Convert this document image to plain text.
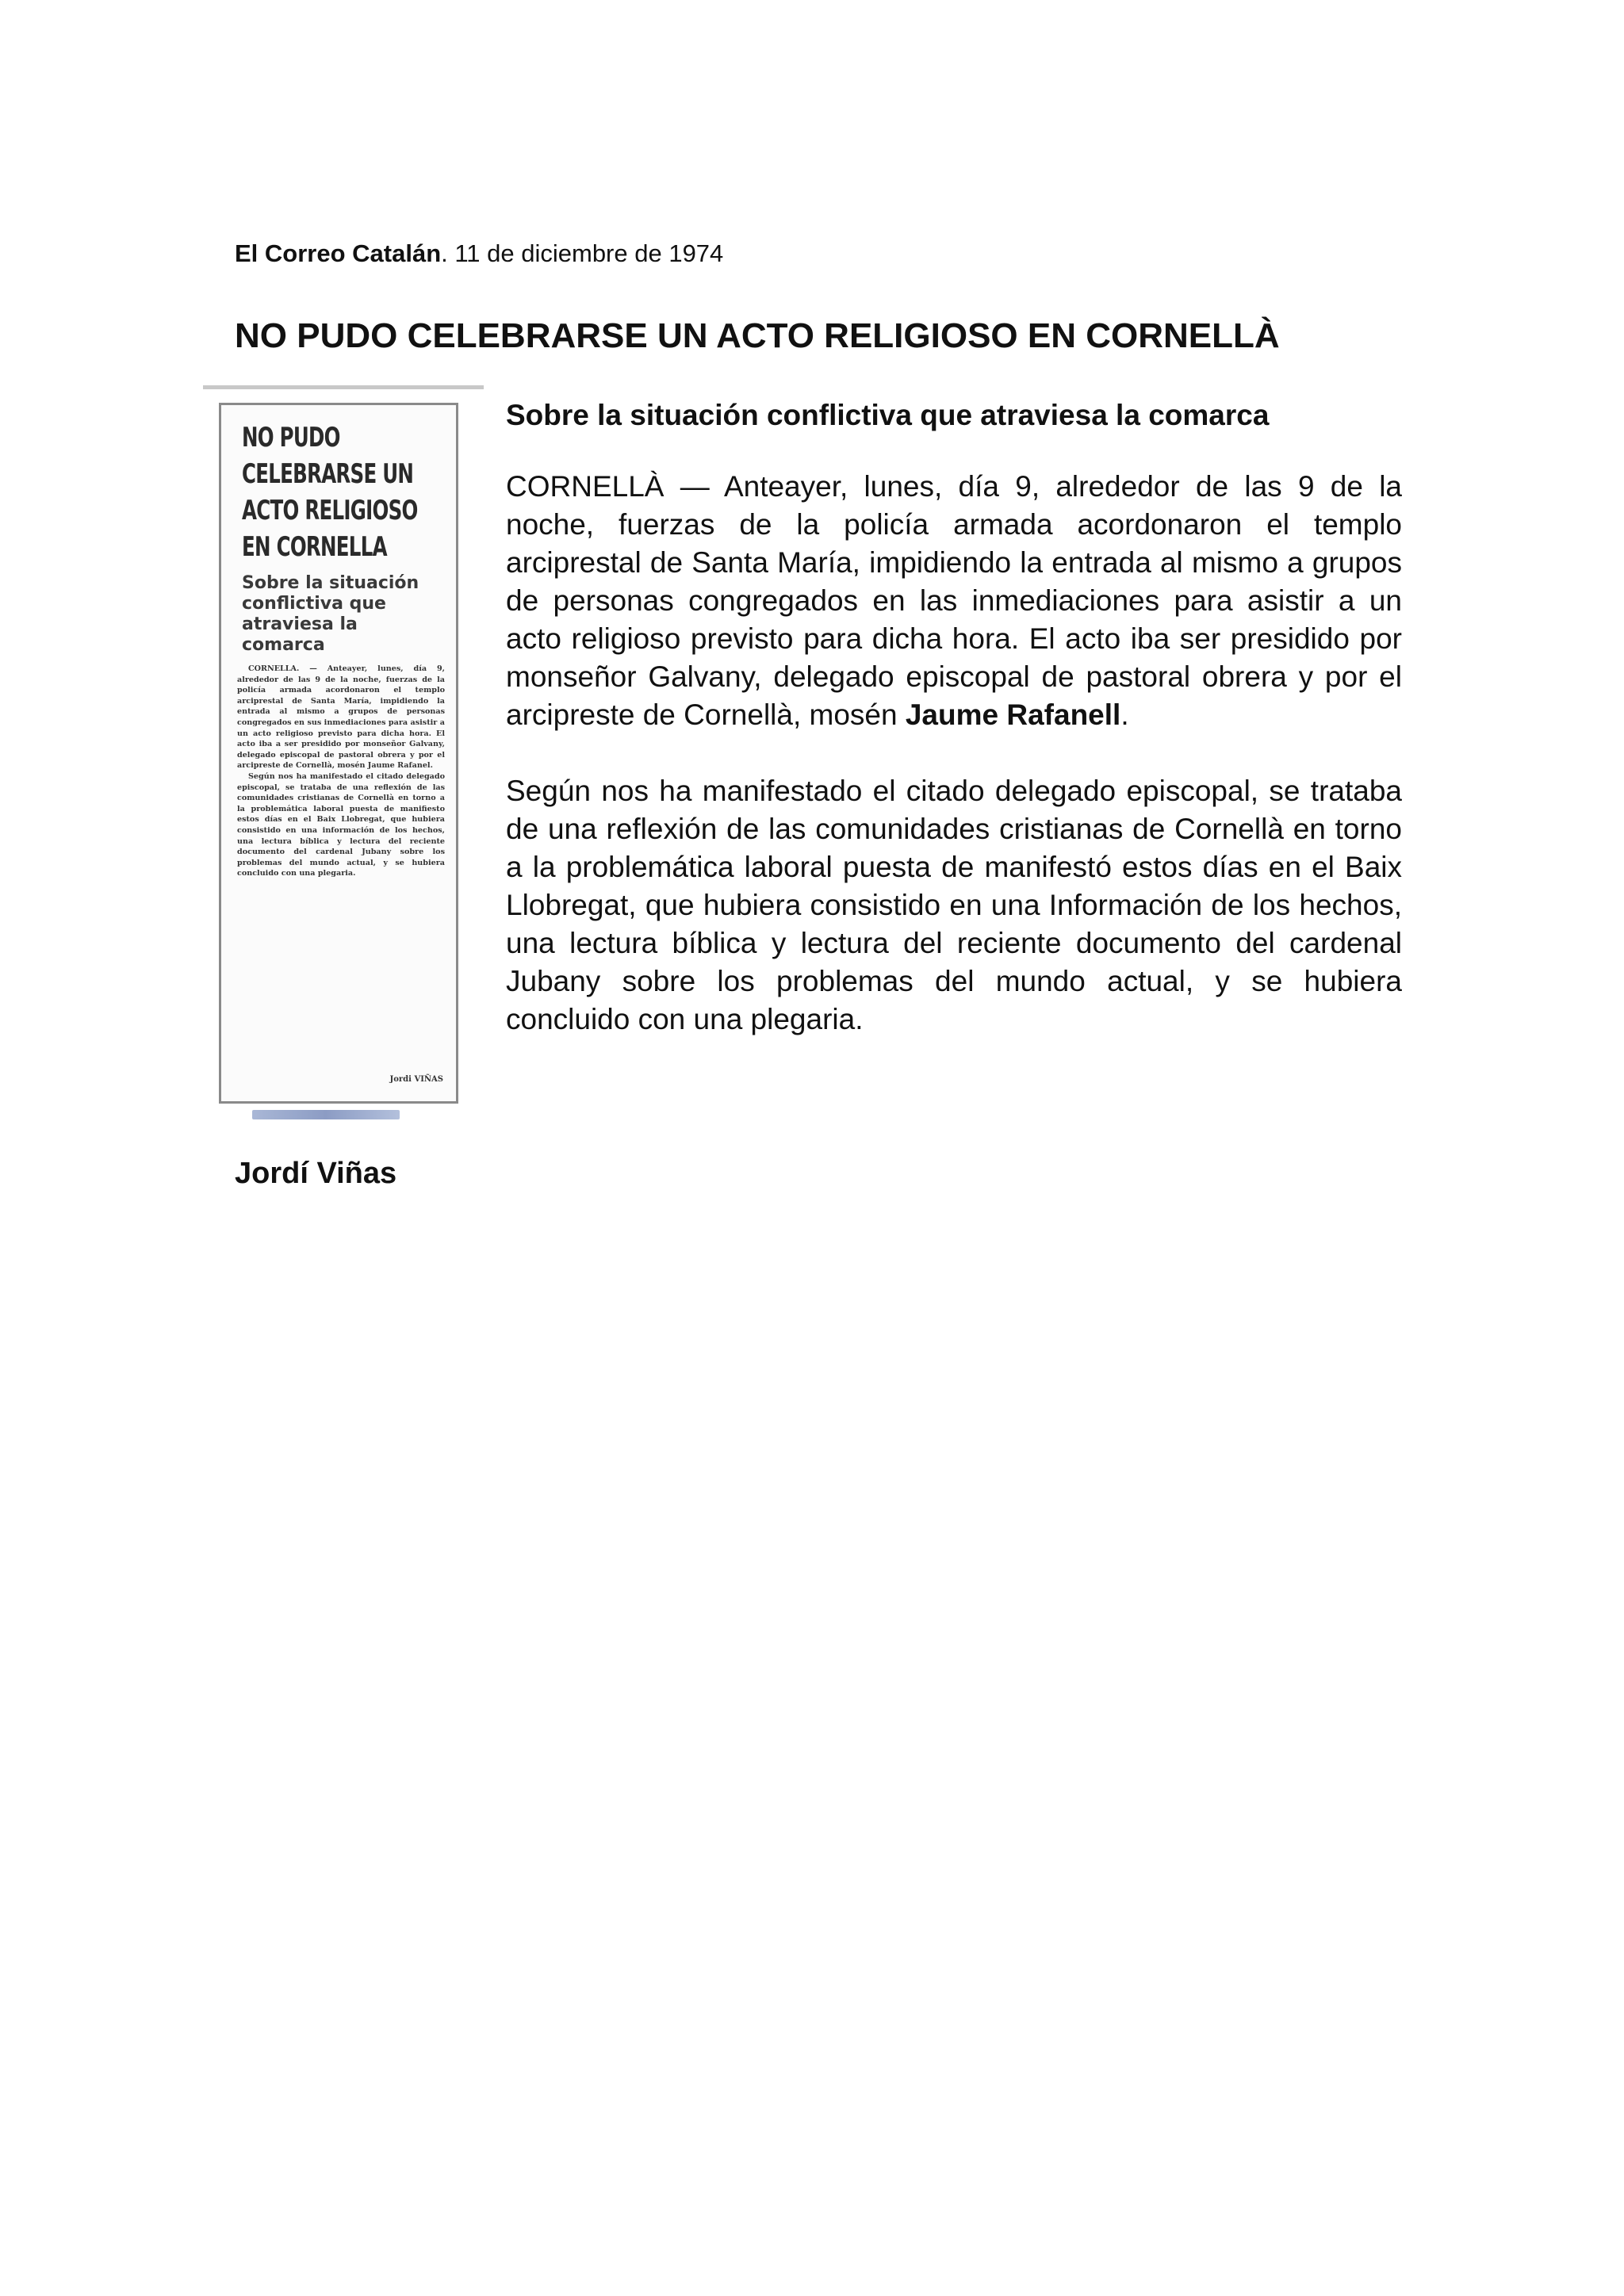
El Correo Catalán. 11 de diciembre de 1974
NO PUDO CELEBRARSE UN ACTO RELIGIOSO EN CORNELLÀ
NO PUDO CELEBRARSE UN ACTO RELIGIOSO EN CORNELLA
Sobre la situación conflictiva que atraviesa la comarca

CORNELLA. — Anteayer, lunes, día 9, alrededor de las 9 de la noche, fuerzas de la policía armada acordonaron el templo arciprestal de Santa María, impidiendo la entrada al mismo a grupos de personas congregados en sus inmediaciones para asistir a un acto religioso previsto para dicha hora. El acto iba a ser presidido por monseñor Galvany, delegado episcopal de pastoral obrera y por el arcipreste de Cornellà, mosén Jaume Rafanel.

Según nos ha manifestado el citado delegado episcopal, se trataba de una reflexión de las comunidades cristianas de Cornellà en torno a la problemática laboral puesta de manifiesto estos días en el Baix Llobregat, que hubiera consistido en una información de los hechos, una lectura bíblica y lectura del reciente documento del cardenal Jubany sobre los problemas del mundo actual, y se hubiera concluido con una plegaria.

Jordi VIÑAS
Sobre la situación conflictiva que atraviesa la comarca

CORNELLÀ — Anteayer, lunes, día 9, alrededor de las 9 de la noche, fuerzas de la policía armada acordonaron el templo arciprestal de Santa María, impidiendo la entrada al mismo a grupos de personas congregados en las inmediaciones para asistir a un acto religioso previsto para dicha hora. El acto iba ser presidido por monseñor Galvany, delegado episcopal de pastoral obrera y por el arcipreste de Cornellà, mosén Jaume Rafanell.

Según nos ha manifestado el citado delegado episcopal, se trataba de una reflexión de las comunidades cristianas de Cornellà en torno a la problemática laboral puesta de manifestó estos días en el Baix Llobregat, que hubiera consistido en una Información de los hechos, una lectura bíblica y lectura del reciente documento del cardenal Jubany sobre los problemas del mundo actual, y se hubiera concluido con una plegaria.

Jordí Viñas
